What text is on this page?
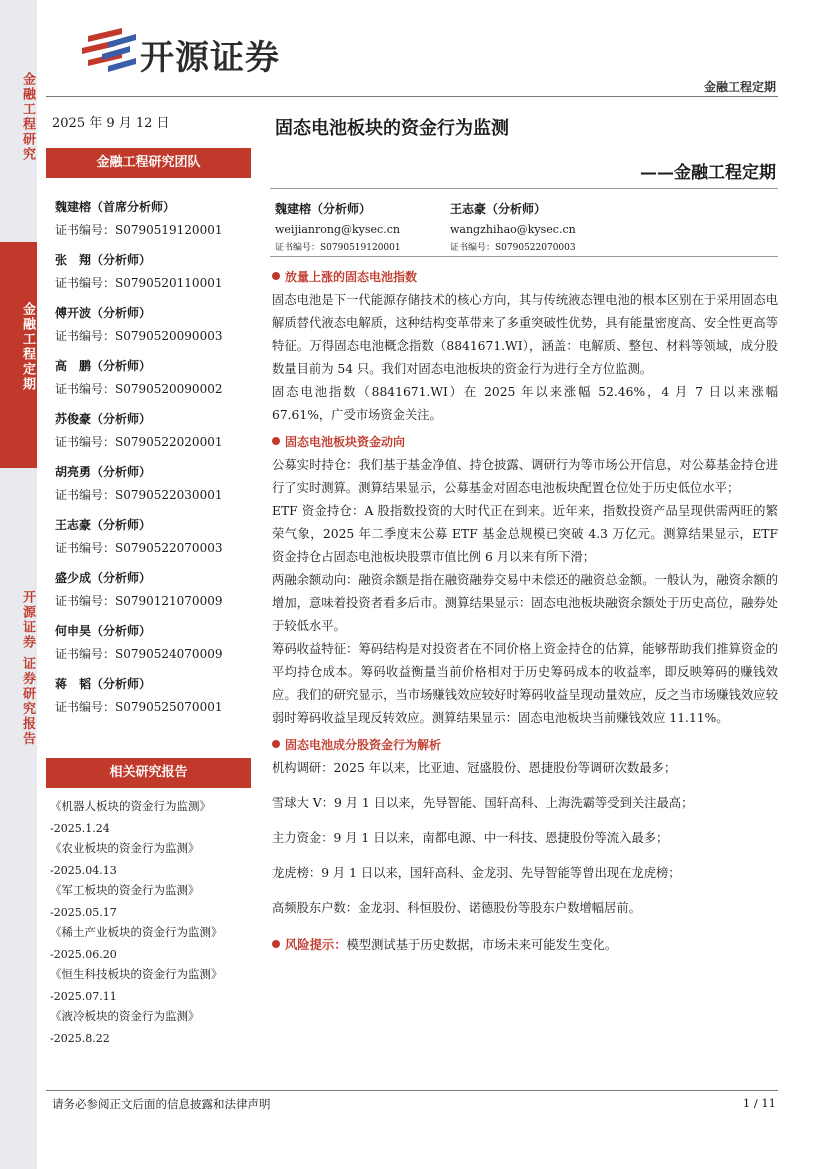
金融工程研究
金融工程定期
开源证券 证券研究报告
开源证券
金融工程定期
2025 年 9 月 12 日
金融工程研究团队
魏建榕（首席分析师）
证书编号：S0790519120001
张　翔（分析师）
证书编号：S0790520110001
傅开波（分析师）
证书编号：S0790520090003
高　鹏（分析师）
证书编号：S0790520090002
苏俊豪（分析师）
证书编号：S0790522020001
胡亮勇（分析师）
证书编号：S0790522030001
王志豪（分析师）
证书编号：S0790522070003
盛少成（分析师）
证书编号：S0790121070009
何申昊（分析师）
证书编号：S0790524070009
蒋　韬（分析师）
证书编号：S0790525070001
相关研究报告
《机器人板块的资金行为监测》
-2025.1.24
《农业板块的资金行为监测》
-2025.04.13
《军工板块的资金行为监测》
-2025.05.17
《稀土产业板块的资金行为监测》
-2025.06.20
《恒生科技板块的资金行为监测》
-2025.07.11
《液冷板块的资金行为监测》
-2025.8.22
固态电池板块的资金行为监测
——金融工程定期
魏建榕（分析师）
weijianrong@kysec.cn
证书编号：S0790519120001
王志豪（分析师）
wangzhihao@kysec.cn
证书编号：S0790522070003
放量上涨的固态电池指数

固态电池是下一代能源存储技术的核心方向，其与传统液态锂电池的根本区别在于采用固态电解质替代液态电解质，这种结构变革带来了多重突破性优势，具有能量密度高、安全性更高等特征。万得固态电池概念指数（8841671.WI），涵盖：电解质、整包、材料等领域，成分股数量目前为 54 只。我们对固态电池板块的资金行为进行全方位监测。

固态电池指数（8841671.WI）在 2025 年以来涨幅 52.46%，4 月 7 日以来涨幅 67.61%，广受市场资金关注。

固态电池板块资金动向

公募实时持仓：我们基于基金净值、持仓披露、调研行为等市场公开信息，对公募基金持仓进行了实时测算。测算结果显示，公募基金对固态电池板块配置仓位处于历史低位水平；

ETF 资金持仓：A 股指数投资的大时代正在到来。近年来，指数投资产品呈现供需两旺的繁荣气象，2025 年二季度末公募 ETF 基金总规模已突破 4.3 万亿元。测算结果显示，ETF 资金持仓占固态电池板块股票市值比例 6 月以来有所下滑；

两融余额动向：融资余额是指在融资融券交易中未偿还的融资总金额。一般认为，融资余额的增加，意味着投资者看多后市。测算结果显示：固态电池板块融资余额处于历史高位，融券处于较低水平。

筹码收益特征：筹码结构是对投资者在不同价格上资金持仓的估算，能够帮助我们推算资金的平均持仓成本。筹码收益衡量当前价格相对于历史筹码成本的收益率，即反映筹码的赚钱效应。我们的研究显示，当市场赚钱效应较好时筹码收益呈现动量效应，反之当市场赚钱效应较弱时筹码收益呈现反转效应。测算结果显示：固态电池板块当前赚钱效应 11.11%。

固态电池成分股资金行为解析

机构调研：2025 年以来，比亚迪、冠盛股份、恩捷股份等调研次数最多；

雪球大 V：9 月 1 日以来，先导智能、国轩高科、上海洗霸等受到关注最高；

主力资金：9 月 1 日以来，南都电源、中一科技、恩捷股份等流入最多；

龙虎榜：9 月 1 日以来，国轩高科、金龙羽、先导智能等曾出现在龙虎榜；

高频股东户数：金龙羽、科恒股份、诺德股份等股东户数增幅居前。

风险提示：模型测试基于历史数据，市场未来可能发生变化。
请务必参阅正文后面的信息披露和法律声明	1 / 11
